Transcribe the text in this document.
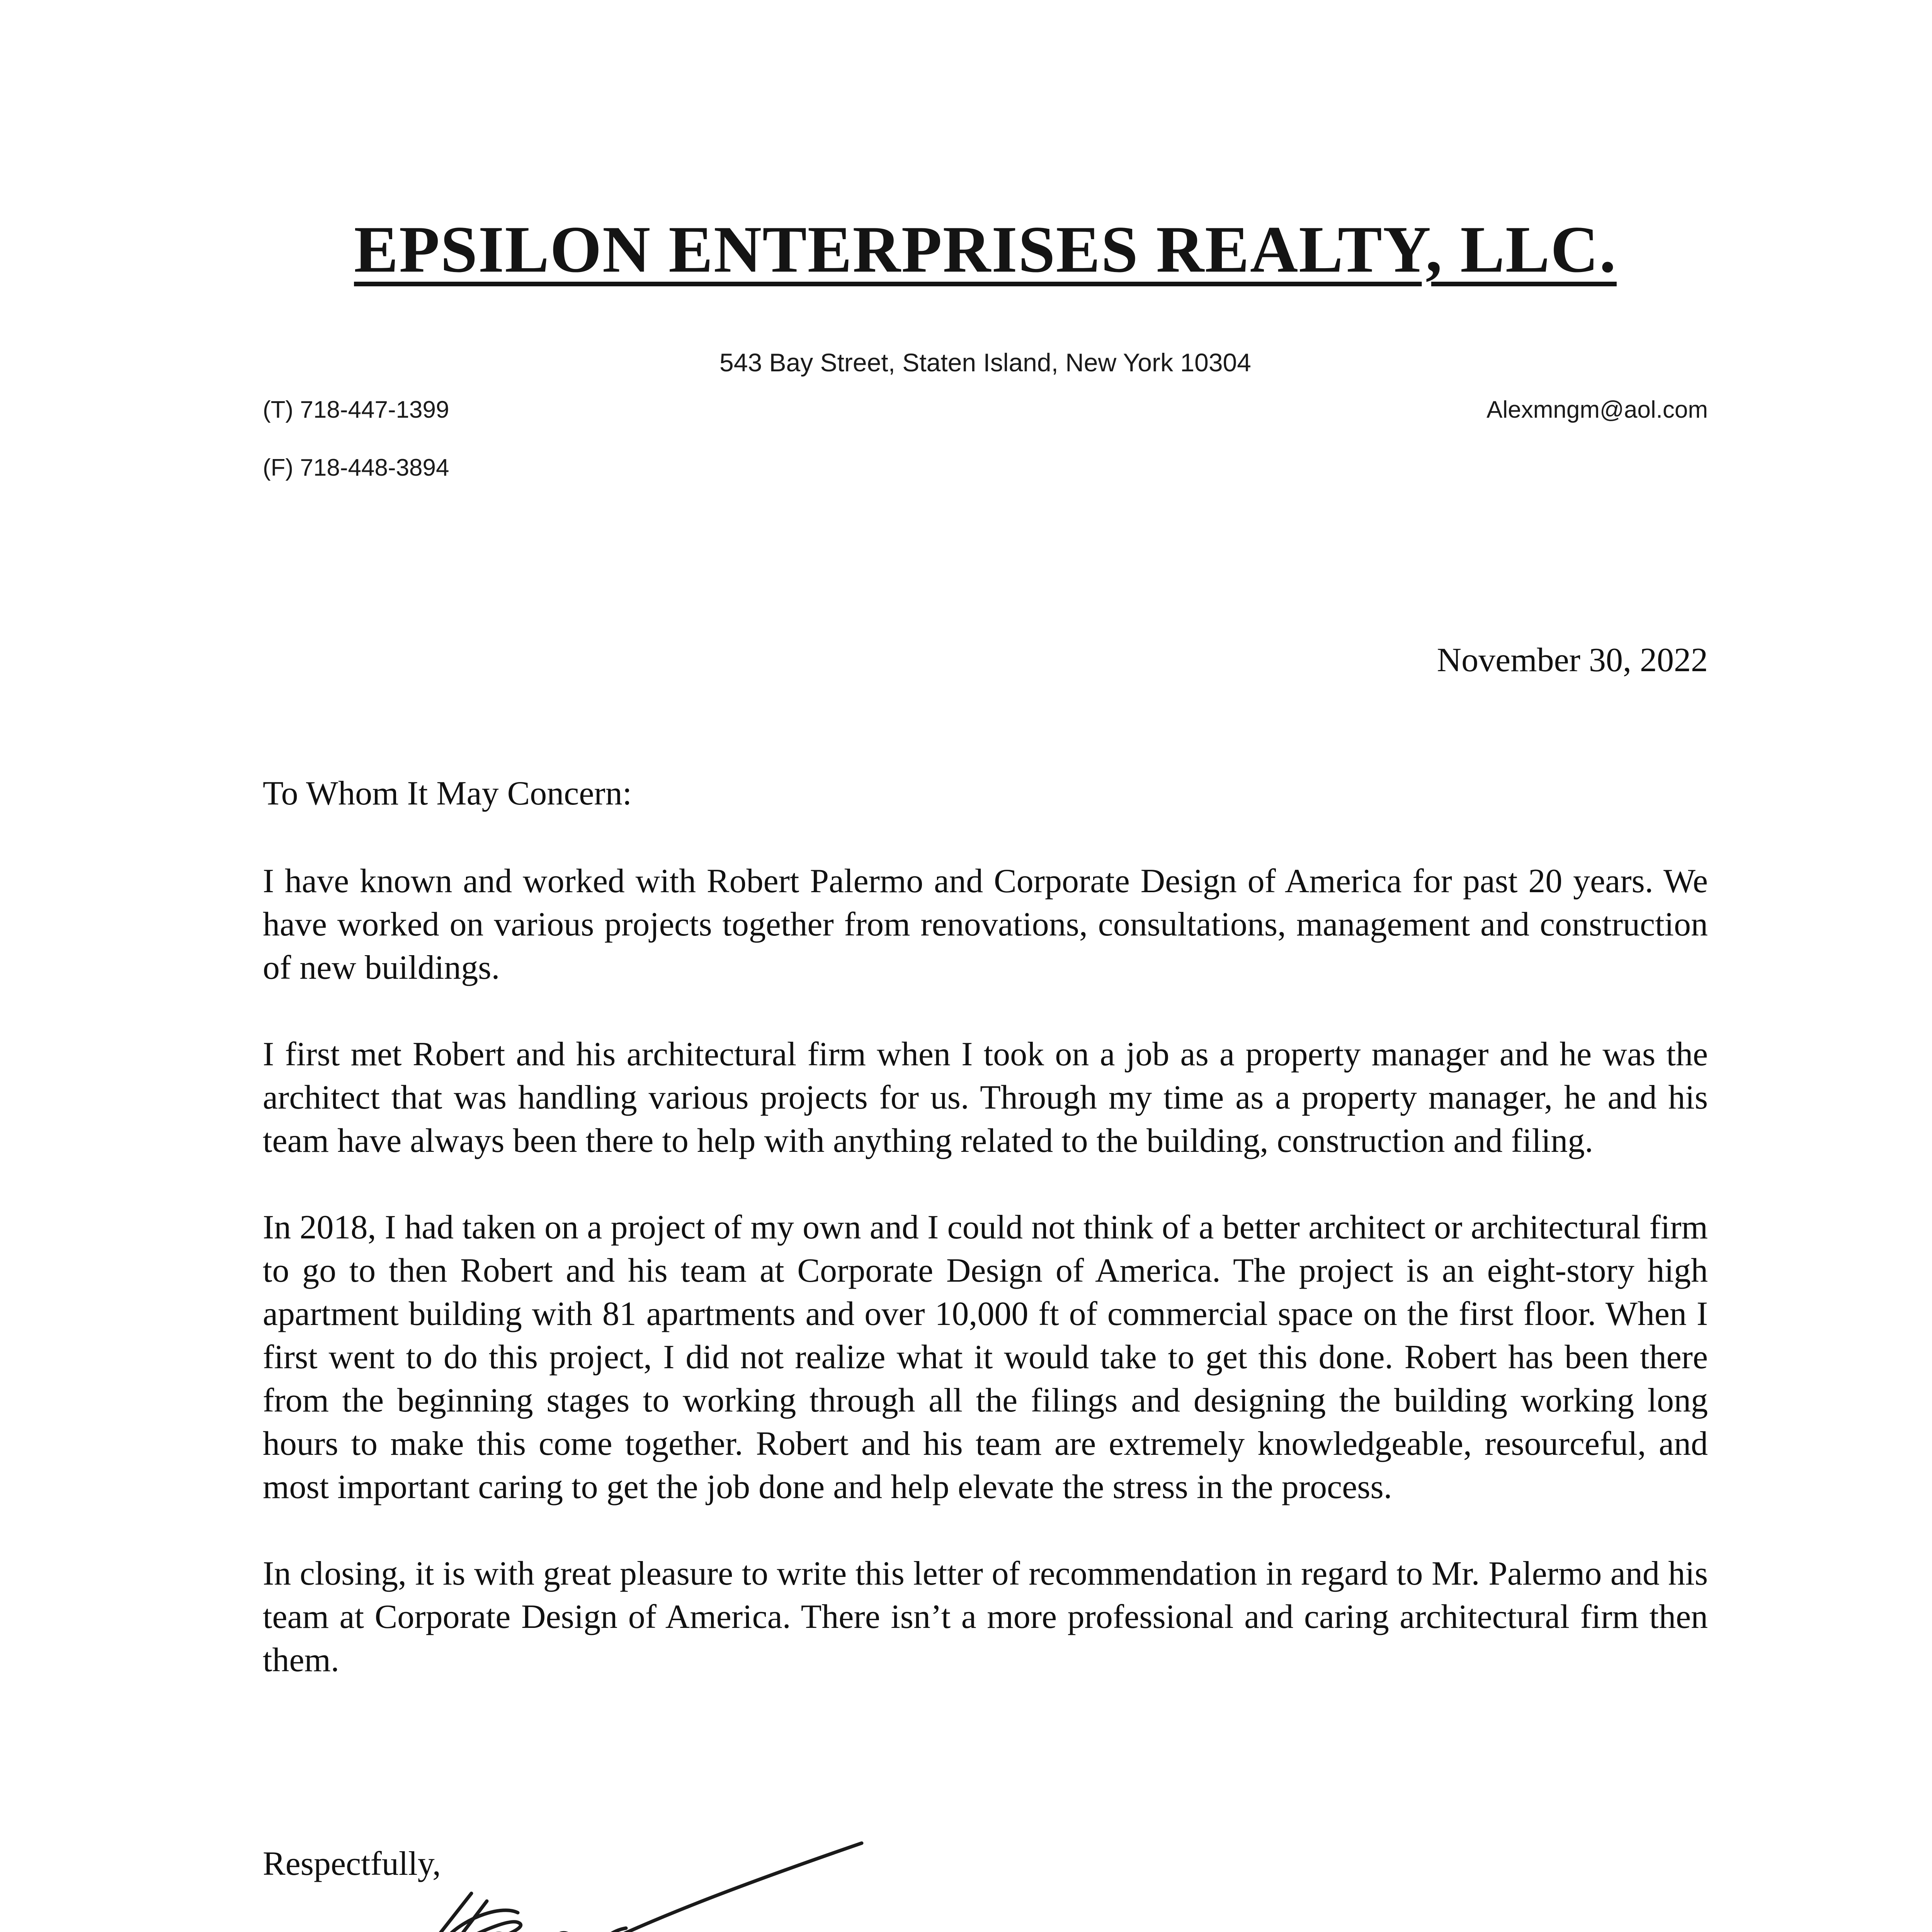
EPSILON ENTERPRISES REALTY, LLC.
543 Bay Street, Staten Island, New York 10304
(T) 718-447-1399
(F) 718-448-3894
Alexmngm@aol.com
November 30, 2022
To Whom It May Concern:

I have known and worked with Robert Palermo and Corporate Design of America for past 20 years. We have worked on various projects together from renovations, consultations, management and construction of new buildings.

I first met Robert and his architectural firm when I took on a job as a property manager and he was the architect that was handling various projects for us. Through my time as a property manager, he and his team have always been there to help with anything related to the building, construction and filing.

In 2018, I had taken on a project of my own and I could not think of a better architect or architectural firm to go to then Robert and his team at Corporate Design of America. The project is an eight-story high apartment building with 81 apartments and over 10,000 ft of commercial space on the first floor. When I first went to do this project, I did not realize what it would take to get this done. Robert has been there from the beginning stages to working through all the filings and designing the building working long hours to make this come together. Robert and his team are extremely knowledgeable, resourceful, and most important caring to get the job done and help elevate the stress in the process.

In closing, it is with great pleasure to write this letter of recommendation in regard to Mr. Palermo and his team at Corporate Design of America. There isn’t a more professional and caring architectural firm then them.

Respectfully,
